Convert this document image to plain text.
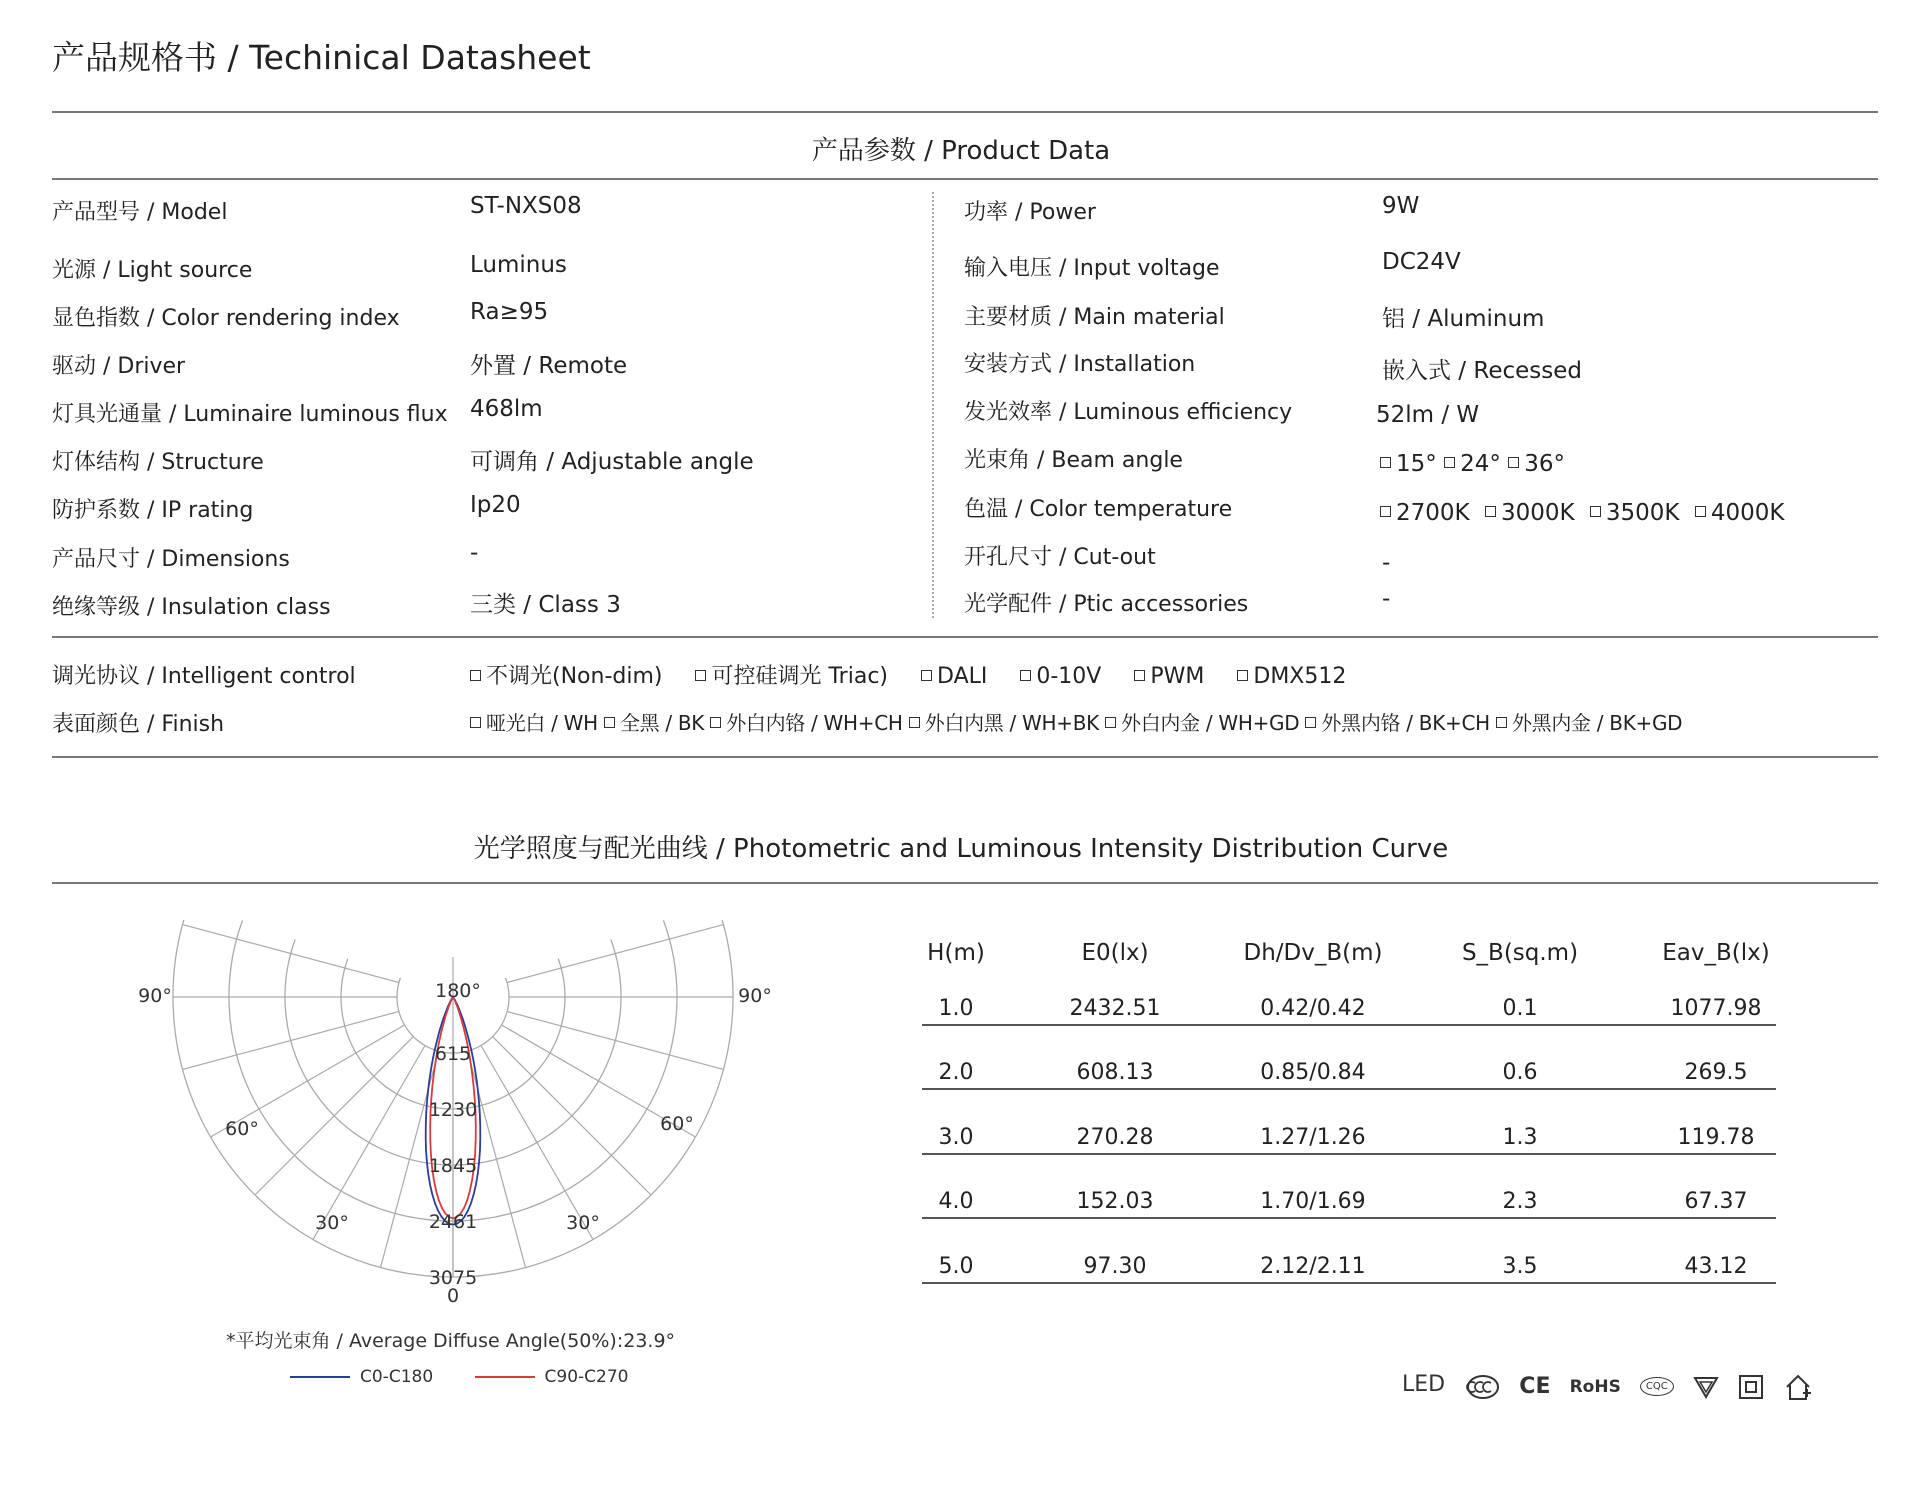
产品规格书 / Techinical Datasheet
产品参数 / Product Data
产品型号 / Model	ST-NXS08
光源 / Light source	Luminus
显色指数 / Color rendering index	Ra≥95
驱动 / Driver	外置 / Remote
灯具光通量 / Luminaire luminous flux 468lm
灯体结构 / Structure	可调角 / Adjustable angle
防护系数 / IP rating	Ip20
产品尺寸 / Dimensions	-
绝缘等级 / Insulation class	三类 / Class 3
功率 / Power	9W
输入电压 / Input voltage	DC24V
主要材质 / Main material	铝 / Aluminum
安装方式 / Installation	嵌入式 / Recessed
发光效率 / Luminous efficiency	52lm / W
光束角 / Beam angle	15° 24° 36°
色温 / Color temperature	2700K 3000K 3500K 4000K
开孔尺寸 / Cut-out	-
光学配件 / Ptic accessories	-
调光协议 / Intelligent control	不调光(Non-dim) 可控硅调光 Triac) DALI 0-10V PWM DMX512
表面颜色 / Finish	哑光白 / WH 全黑 / BK 外白内铬 / WH+CH 外白内黑 / WH+BK 外白内金 / WH+GD 外黑内铬 / BK+CH 外黑内金 / BK+GD
光学照度与配光曲线 / Photometric and Luminous Intensity Distribution Curve
180°
0
90°	90°
60°	60°
30°	30°
615
1230
1845
2461
3075
*平均光束角 / Average Diffuse Angle(50%):23.9°
C0-C180	C90-C270
H(m)	E0(lx)	Dh/Dv_B(m)	S_B(sq.m)	Eav_B(lx)
1.0	2432.51	0.42/0.42	0.1	1077.98
2.0	608.13	0.85/0.84	0.6	269.5
3.0	270.28	1.27/1.26	1.3	119.78
4.0	152.03	1.70/1.69	2.3	67.37
5.0	97.30	2.12/2.11	3.5	43.12
LED	CE RoHS	CQC
